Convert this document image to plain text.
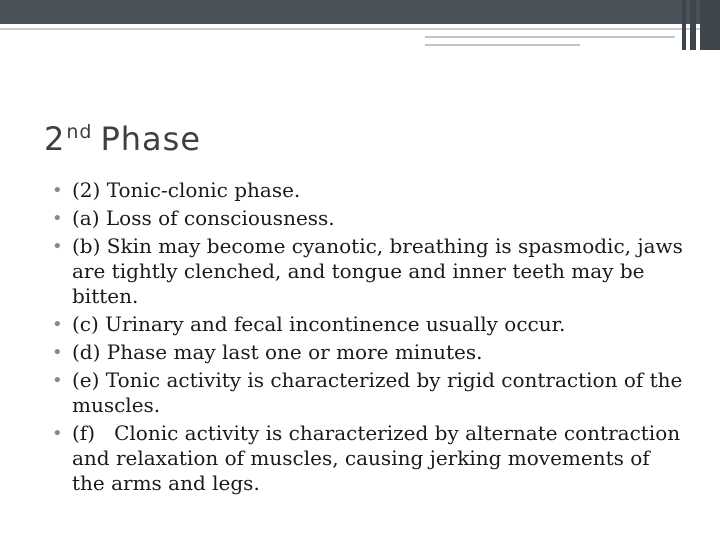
2nd Phase
• (2) Tonic-clonic phase.
• (a) Loss of consciousness.
• (b) Skin may become cyanotic, breathing is spasmodic, jaws are tightly clenched, and tongue and inner teeth may be bitten.
• (c) Urinary and fecal incontinence usually occur.
• (d) Phase may last one or more minutes.
• (e) Tonic activity is characterized by rigid contraction of the muscles.
• (f)   Clonic activity is characterized by alternate contraction and relaxation of muscles, causing jerking movements of the arms and legs.
